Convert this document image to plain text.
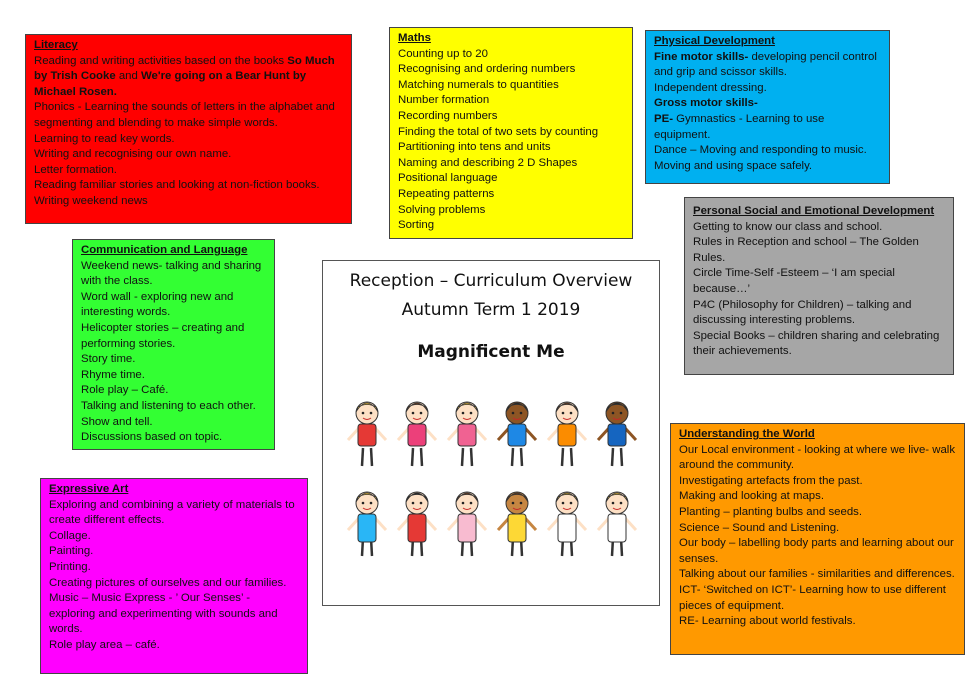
Literacy

Reading and writing activities based on the books So Much by Trish Cooke and We're going on a Bear Hunt by Michael Rosen.

Phonics - Learning the sounds of letters in the alphabet and segmenting and blending to make simple words.

Learning to read key words.

Writing and recognising our own name.

Letter formation.

Reading familiar stories and looking at non-fiction books.

Writing weekend news

Maths

Counting up to 20

Recognising and ordering numbers

Matching numerals to quantities

Number formation

Recording numbers

Finding the total of two sets by counting

Partitioning into tens and units

Naming and describing 2 D Shapes

Positional language

Repeating patterns

Solving problems

Sorting

Physical Development

Fine motor skills- developing pencil control and grip and scissor skills.

Independent dressing.

Gross motor skills-

PE- Gymnastics - Learning to use equipment.

Dance – Moving and responding to music.

Moving and using space safely.

Communication and Language

Weekend news- talking and sharing with the class.

Word wall - exploring new and interesting words.

Helicopter stories – creating and performing stories.

Story time.

Rhyme time.

Role play – Café.

Talking and listening to each other.

Show and tell.

Discussions based on topic.

Personal Social and Emotional Development

Getting to know our class and school.

Rules in Reception and school – The Golden Rules.

Circle Time-Self -Esteem – ‘I am special because…’

P4C (Philosophy for Children) – talking and discussing interesting problems.

Special Books – children sharing and celebrating their achievements.

Reception – Curriculum Overview
Autumn Term 1 2019
Magnificent Me
Expressive Art

Exploring and combining a variety of materials to create different effects.

Collage.

Painting.

Printing.

Creating pictures of ourselves and our families.

Music – Music Express - ’ Our Senses’ - exploring and experimenting with sounds and words.

Role play area – café.

Understanding the World

Our Local environment - looking at where we live- walk around the community.

Investigating artefacts from the past.

Making and looking at maps.

Planting – planting bulbs and seeds.

Science – Sound and Listening.

Our body – labelling body parts and learning about our senses.

Talking about our families - similarities and differences.

ICT- ‘Switched on ICT’- Learning how to use different pieces of equipment.

RE- Learning about world festivals.
